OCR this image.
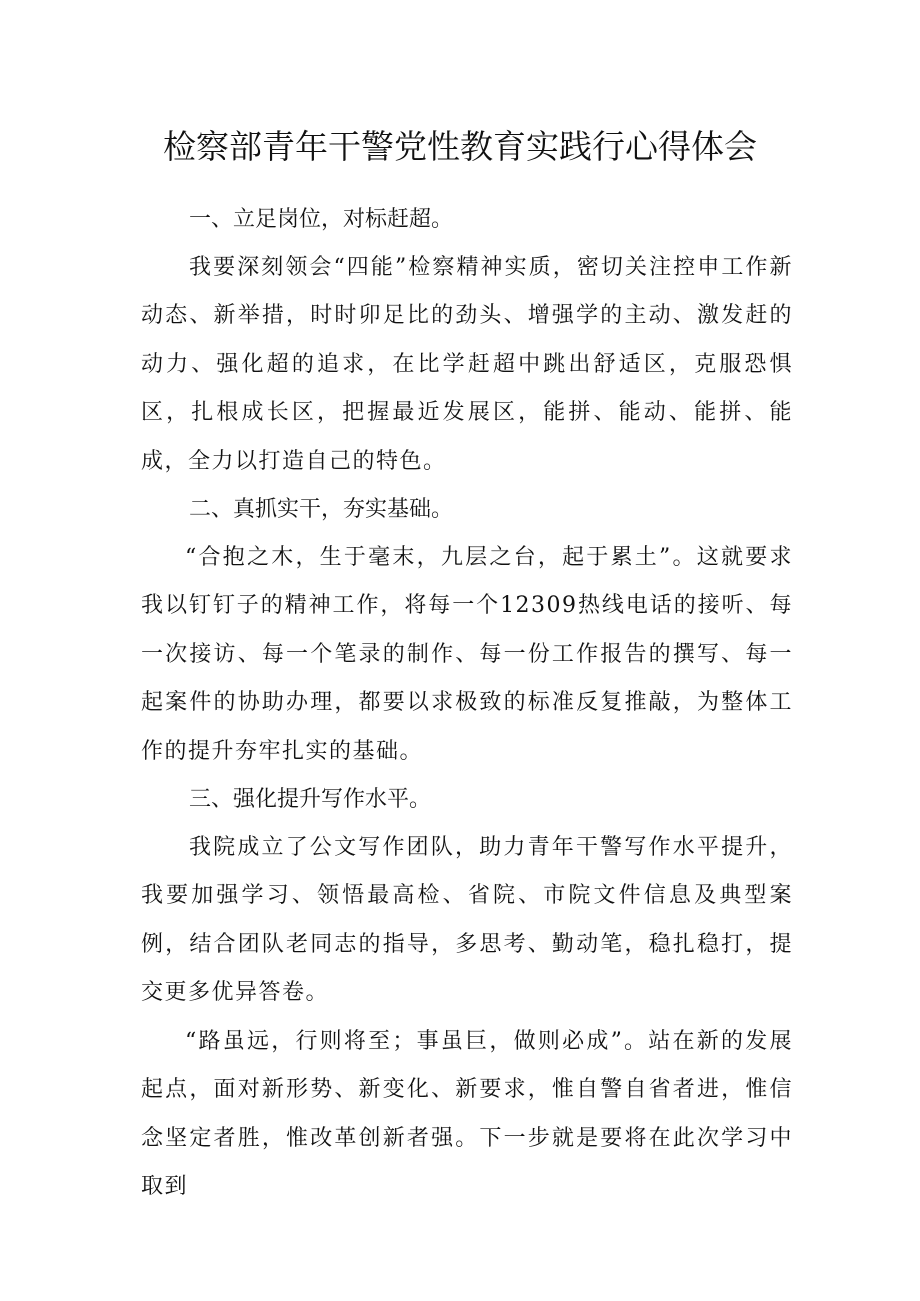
检察部青年干警党性教育实践行心得体会

一、立足岗位，对标赶超。

我要深刻领会“四能”检察精神实质，密切关注控申工作新动态、新举措，时时卯足比的劲头、增强学的主动、激发赶的动力、强化超的追求，在比学赶超中跳出舒适区，克服恐惧区，扎根成长区，把握最近发展区，能拼、能动、能拼、能成，全力以打造自己的特色。

二、真抓实干，夯实基础。

“合抱之木，生于毫末，九层之台，起于累土”。这就要求我以钉钉子的精神工作，将每一个12309热线电话的接听、每一次接访、每一个笔录的制作、每一份工作报告的撰写、每一起案件的协助办理，都要以求极致的标准反复推敲，为整体工作的提升夯牢扎实的基础。

三、强化提升写作水平。

我院成立了公文写作团队，助力青年干警写作水平提升，我要加强学习、领悟最高检、省院、市院文件信息及典型案例，结合团队老同志的指导，多思考、勤动笔，稳扎稳打，提交更多优异答卷。

“路虽远，行则将至；事虽巨，做则必成”。站在新的发展起点，面对新形势、新变化、新要求，惟自警自省者进，惟信念坚定者胜，惟改革创新者强。下一步就是要将在此次学习中取到
